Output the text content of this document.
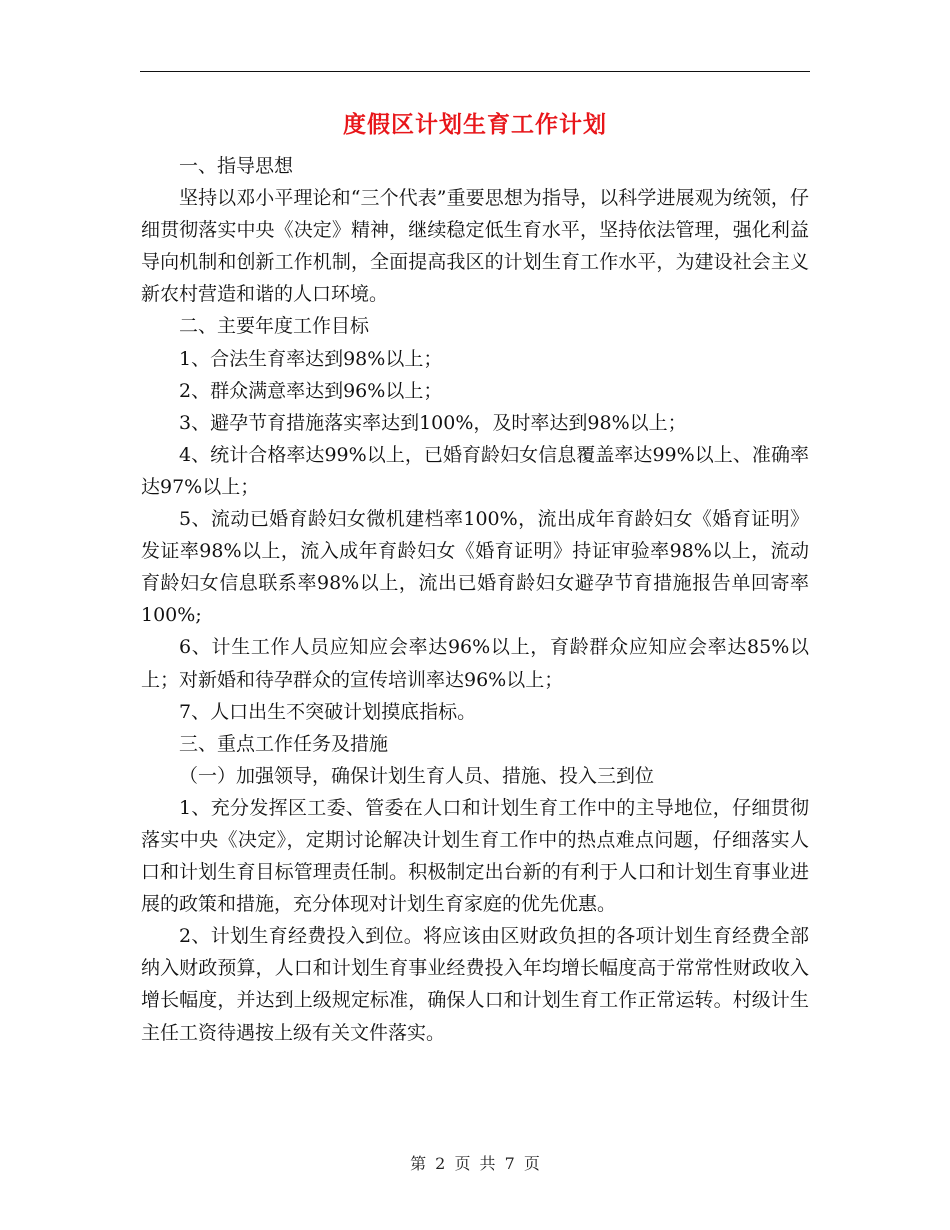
度假区计划生育工作计划

一、指导思想

坚持以邓小平理论和“三个代表”重要思想为指导，以科学进展观为统领，仔细贯彻落实中央《决定》精神，继续稳定低生育水平，坚持依法管理，强化利益导向机制和创新工作机制，全面提高我区的计划生育工作水平，为建设社会主义新农村营造和谐的人口环境。

二、主要年度工作目标

1、合法生育率达到98%以上；

2、群众满意率达到96%以上；

3、避孕节育措施落实率达到100%，及时率达到98%以上；

4、统计合格率达99%以上，已婚育龄妇女信息覆盖率达99%以上、准确率达97%以上；

5、流动已婚育龄妇女微机建档率100%，流出成年育龄妇女《婚育证明》发证率98%以上，流入成年育龄妇女《婚育证明》持证审验率98%以上，流动育龄妇女信息联系率98%以上，流出已婚育龄妇女避孕节育措施报告单回寄率100%;

6、计生工作人员应知应会率达96%以上，育龄群众应知应会率达85%以上；对新婚和待孕群众的宣传培训率达96%以上；

7、人口出生不突破计划摸底指标。

三、重点工作任务及措施

（一）加强领导，确保计划生育人员、措施、投入三到位

1、充分发挥区工委、管委在人口和计划生育工作中的主导地位，仔细贯彻落实中央《决定》，定期讨论解决计划生育工作中的热点难点问题，仔细落实人口和计划生育目标管理责任制。积极制定出台新的有利于人口和计划生育事业进展的政策和措施，充分体现对计划生育家庭的优先优惠。

2、计划生育经费投入到位。将应该由区财政负担的各项计划生育经费全部纳入财政预算，人口和计划生育事业经费投入年均增长幅度高于常常性财政收入增长幅度，并达到上级规定标准，确保人口和计划生育工作正常运转。村级计生主任工资待遇按上级有关文件落实。

第 2 页 共 7 页
